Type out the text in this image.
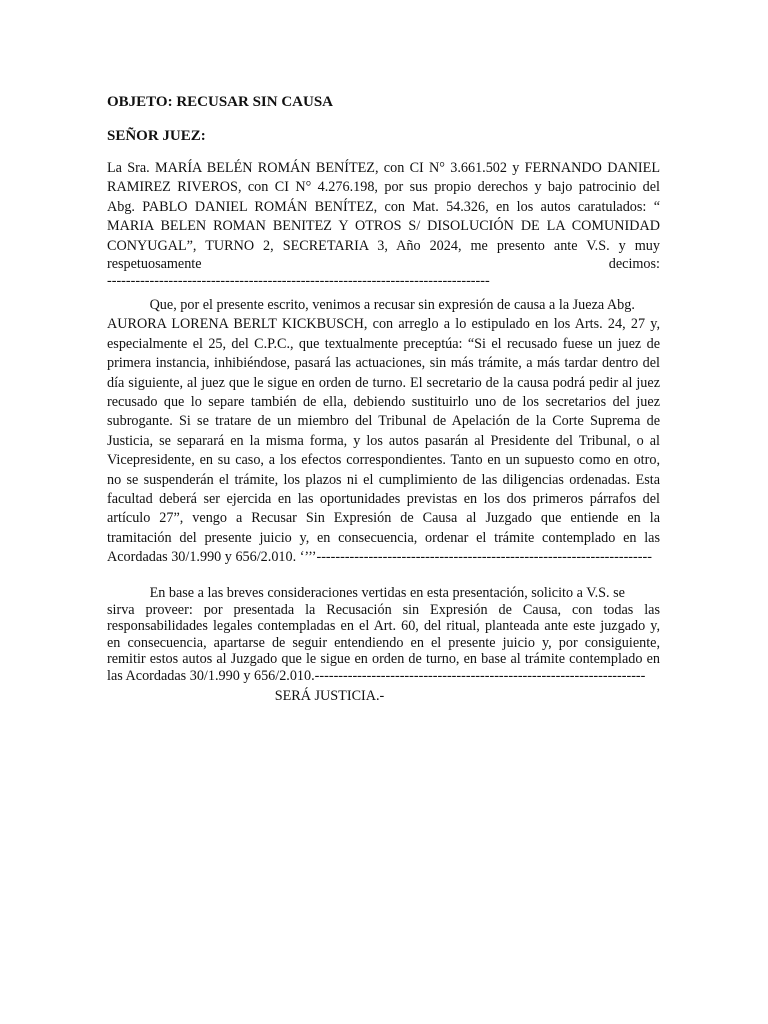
OBJETO: RECUSAR SIN CAUSA
SEÑOR JUEZ:
La Sra. MARÍA BELÉN ROMÁN BENÍTEZ, con CI N° 3.661.502 y FERNANDO DANIEL
RAMIREZ RIVEROS, con CI N° 4.276.198, por sus propio derechos y bajo patrocinio del
Abg. PABLO DANIEL ROMÁN BENÍTEZ, con Mat. 54.326, en los autos caratulados: “
MARIA BELEN ROMAN BENITEZ Y OTROS S/ DISOLUCIÓN DE LA COMUNIDAD
CONYUGAL”, TURNO 2, SECRETARIA 3, Año 2024, me presento ante V.S. y muy
respetuosamente decimos:
---------------------------------------------------------------------------------
Que, por el presente escrito, venimos a recusar sin expresión de causa a la Jueza Abg.
AURORA LORENA BERLT KICKBUSCH, con arreglo a lo estipulado en los Arts. 24, 27 y,
especialmente el 25, del C.P.C., que textualmente preceptúa: “Si el recusado fuese un juez de
primera instancia, inhibiéndose, pasará las actuaciones, sin más trámite, a más tardar dentro del
día siguiente, al juez que le sigue en orden de turno. El secretario de la causa podrá pedir al juez
recusado que lo separe también de ella, debiendo sustituirlo uno de los secretarios del juez
subrogante. Si se tratare de un miembro del Tribunal de Apelación de la Corte Suprema de
Justicia, se separará en la misma forma, y los autos pasarán al Presidente del Tribunal, o al
Vicepresidente, en su caso, a los efectos correspondientes. Tanto en un supuesto como en otro,
no se suspenderán el trámite, los plazos ni el cumplimiento de las diligencias ordenadas. Esta
facultad deberá ser ejercida en las oportunidades previstas en los dos primeros párrafos del
artículo 27”, vengo a Recusar Sin Expresión de Causa al Juzgado que entiende en la
tramitación del presente juicio y, en consecuencia, ordenar el trámite contemplado en las
Acordadas 30/1.990 y 656/2.010. ‘’’’-----------------------------------------------------------------------
En base a las breves consideraciones vertidas en esta presentación, solicito a V.S. se
sirva proveer: por presentada la Recusación sin Expresión de Causa, con todas las
responsabilidades legales contempladas en el Art. 60, del ritual, planteada ante este juzgado y,
en consecuencia, apartarse de seguir entendiendo en el presente juicio y, por consiguiente,
remitir estos autos al Juzgado que le sigue en orden de turno, en base al trámite contemplado en
las Acordadas 30/1.990 y 656/2.010.----------------------------------------------------------------------
SERÁ JUSTICIA.-
